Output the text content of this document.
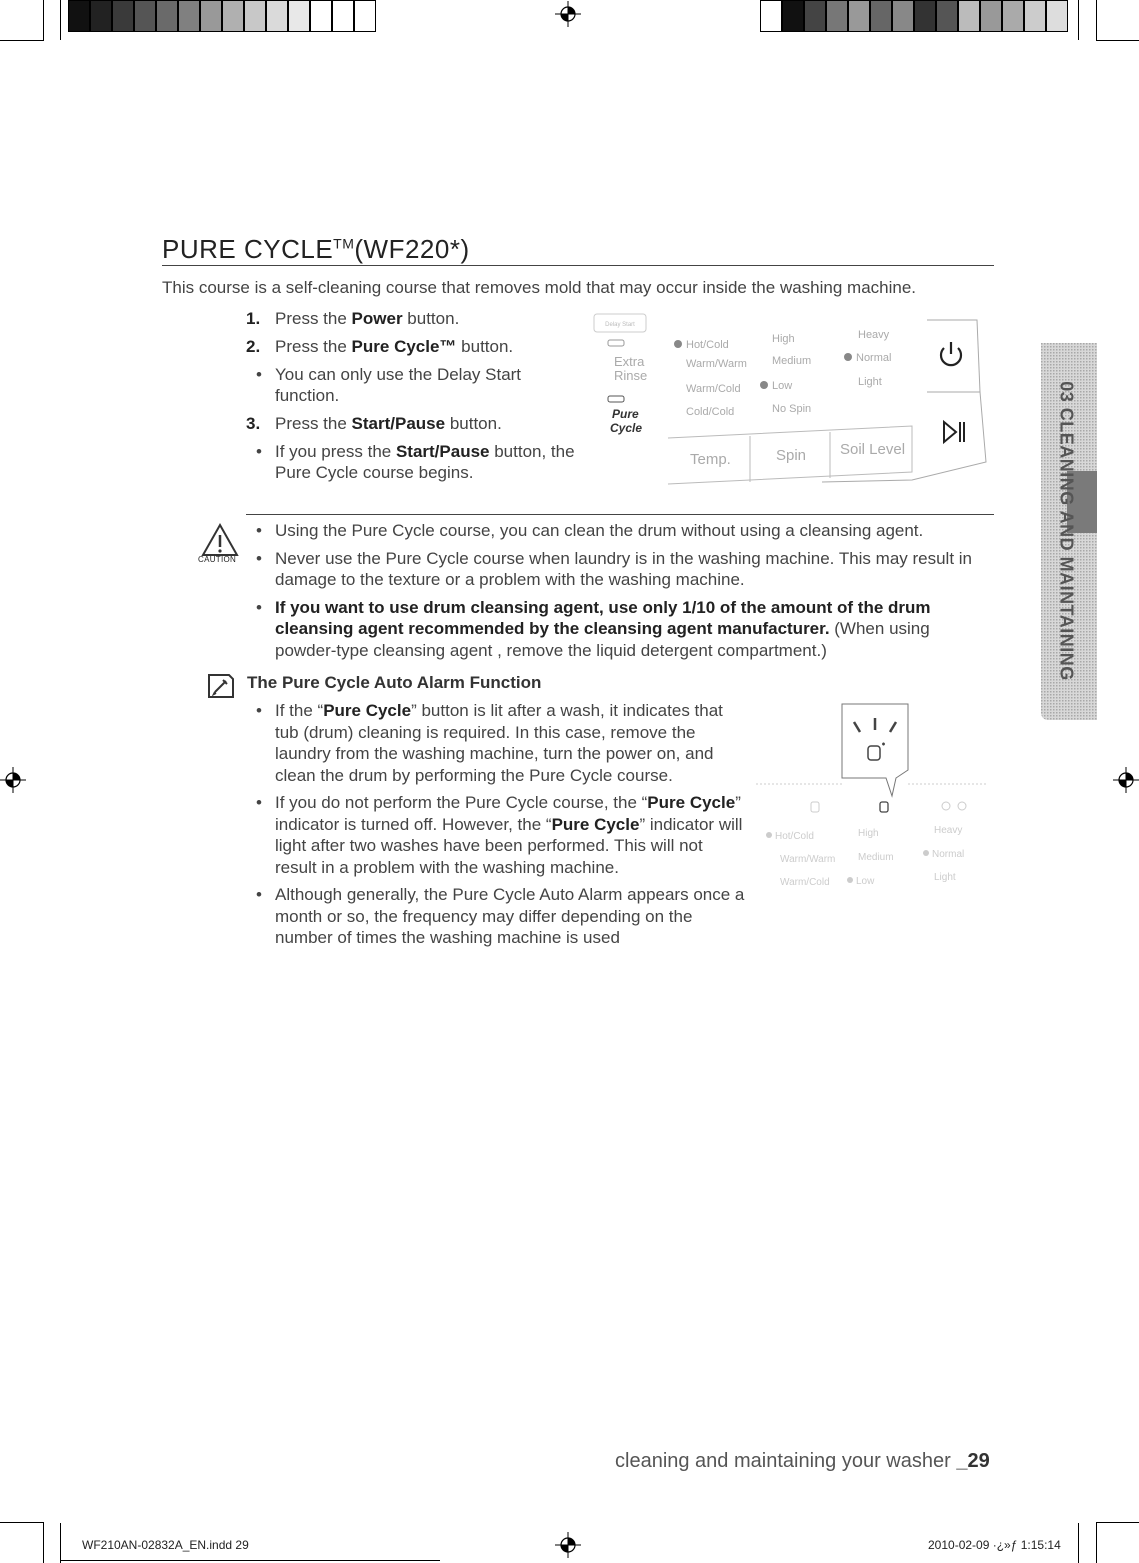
PURE CYCLE™(WF220*)
This course is a self-cleaning course that removes mold that may occur inside the washing machine.
1. Press the Power button.
2. Press the Pure Cycle™ button.
• You can only use the Delay Start function.
3. Press the Start/Pause button.
• If you press the Start/Pause button, the Pure Cycle course begins.
Delay Start
Extra
Rinse
Pure
Cycle
Hot/Cold
Warm/Warm
Warm/Cold
Cold/Cold
High
Medium
Low
No Spin
Heavy
Normal
Light
Temp.	Spin Soil Level
CAUTION
• Using the Pure Cycle course, you can clean the drum without using a cleansing agent.
• Never use the Pure Cycle course when laundry is in the washing machine. This may result in damage to the texture or a problem with the washing machine.
• If you want to use drum cleansing agent, use only 1/10 of the amount of the drum cleansing agent recommended by the cleansing agent manufacturer. (When using powder-type cleansing agent , remove the liquid detergent compartment.)
The Pure Cycle Auto Alarm Function
• If the “Pure Cycle” button is lit after a wash, it indicates that tub (drum) cleaning is required. In this case, remove the laundry from the washing machine, turn the power on, and clean the drum by performing the Pure Cycle course.
• If you do not perform the Pure Cycle course, the “Pure Cycle” indicator is turned off. However, the “Pure Cycle” indicator will light after two washes have been performed. This will not result in a problem with the washing machine.
• Although generally, the Pure Cycle Auto Alarm appears once a month or so, the frequency may differ depending on the number of times the washing machine is used
Hot/Cold
Warm/Warm
Warm/Cold
High
Medium
Low
Heavy
Normal
Light
03 CLEANING AND MAINTAINING
cleaning and maintaining your washer _29
WF210AN-02832A_EN.indd 29	2010-02-09 ·¿»ƒ 1:15:14
